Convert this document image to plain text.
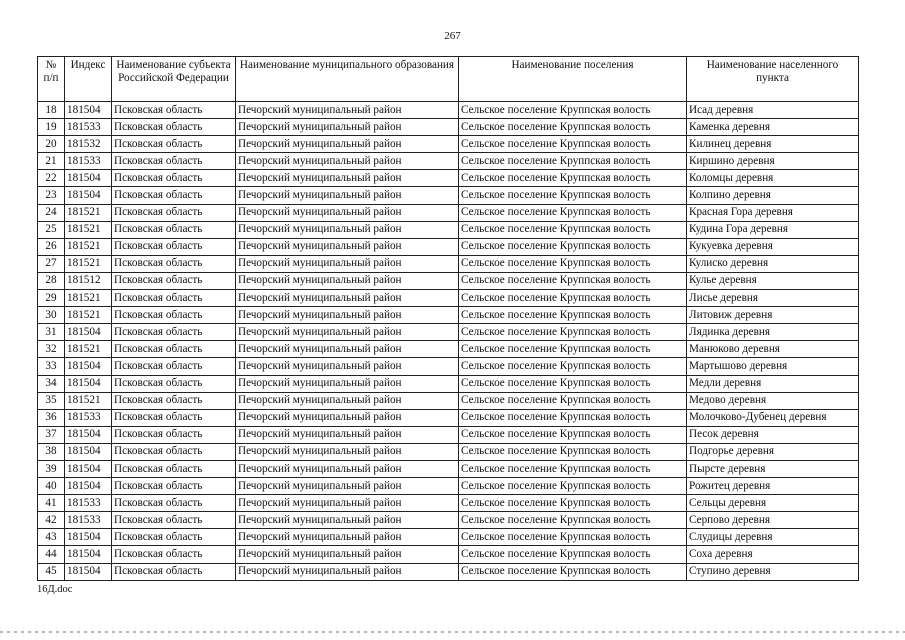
267
№ п/п	Индекс	Наименование субъекта Российской Федерации	Наименование муниципального образования	Наименование поселения	Наименование населенного пункта
18	181504	Псковская область	Печорский муниципальный район	Сельское поселение Круппская волость	Исад деревня
19	181533	Псковская область	Печорский муниципальный район	Сельское поселение Круппская волость	Каменка деревня
20	181532	Псковская область	Печорский муниципальный район	Сельское поселение Круппская волость	Килинец деревня
21	181533	Псковская область	Печорский муниципальный район	Сельское поселение Круппская волость	Киршино деревня
22	181504	Псковская область	Печорский муниципальный район	Сельское поселение Круппская волость	Коломцы деревня
23	181504	Псковская область	Печорский муниципальный район	Сельское поселение Круппская волость	Колпино деревня
24	181521	Псковская область	Печорский муниципальный район	Сельское поселение Круппская волость	Красная Гора деревня
25	181521	Псковская область	Печорский муниципальный район	Сельское поселение Круппская волость	Кудина Гора деревня
26	181521	Псковская область	Печорский муниципальный район	Сельское поселение Круппская волость	Кукуевка деревня
27	181521	Псковская область	Печорский муниципальный район	Сельское поселение Круппская волость	Кулиско деревня
28	181512	Псковская область	Печорский муниципальный район	Сельское поселение Круппская волость	Кулье деревня
29	181521	Псковская область	Печорский муниципальный район	Сельское поселение Круппская волость	Лисье деревня
30	181521	Псковская область	Печорский муниципальный район	Сельское поселение Круппская волость	Литовиж деревня
31	181504	Псковская область	Печорский муниципальный район	Сельское поселение Круппская волость	Лядинка деревня
32	181521	Псковская область	Печорский муниципальный район	Сельское поселение Круппская волость	Манюково деревня
33	181504	Псковская область	Печорский муниципальный район	Сельское поселение Круппская волость	Мартышово деревня
34	181504	Псковская область	Печорский муниципальный район	Сельское поселение Круппская волость	Медли деревня
35	181521	Псковская область	Печорский муниципальный район	Сельское поселение Круппская волость	Медово деревня
36	181533	Псковская область	Печорский муниципальный район	Сельское поселение Круппская волость	Молочково-Дубенец деревня
37	181504	Псковская область	Печорский муниципальный район	Сельское поселение Круппская волость	Песок деревня
38	181504	Псковская область	Печорский муниципальный район	Сельское поселение Круппская волость	Подгорье деревня
39	181504	Псковская область	Печорский муниципальный район	Сельское поселение Круппская волость	Пырсте деревня
40	181504	Псковская область	Печорский муниципальный район	Сельское поселение Круппская волость	Рожитец деревня
41	181533	Псковская область	Печорский муниципальный район	Сельское поселение Круппская волость	Сельцы деревня
42	181533	Псковская область	Печорский муниципальный район	Сельское поселение Круппская волость	Серпово деревня
43	181504	Псковская область	Печорский муниципальный район	Сельское поселение Круппская волость	Слудицы деревня
44	181504	Псковская область	Печорский муниципальный район	Сельское поселение Круппская волость	Соха деревня
45	181504	Псковская область	Печорский муниципальный район	Сельское поселение Круппская волость	Ступино деревня
16Д.doc
